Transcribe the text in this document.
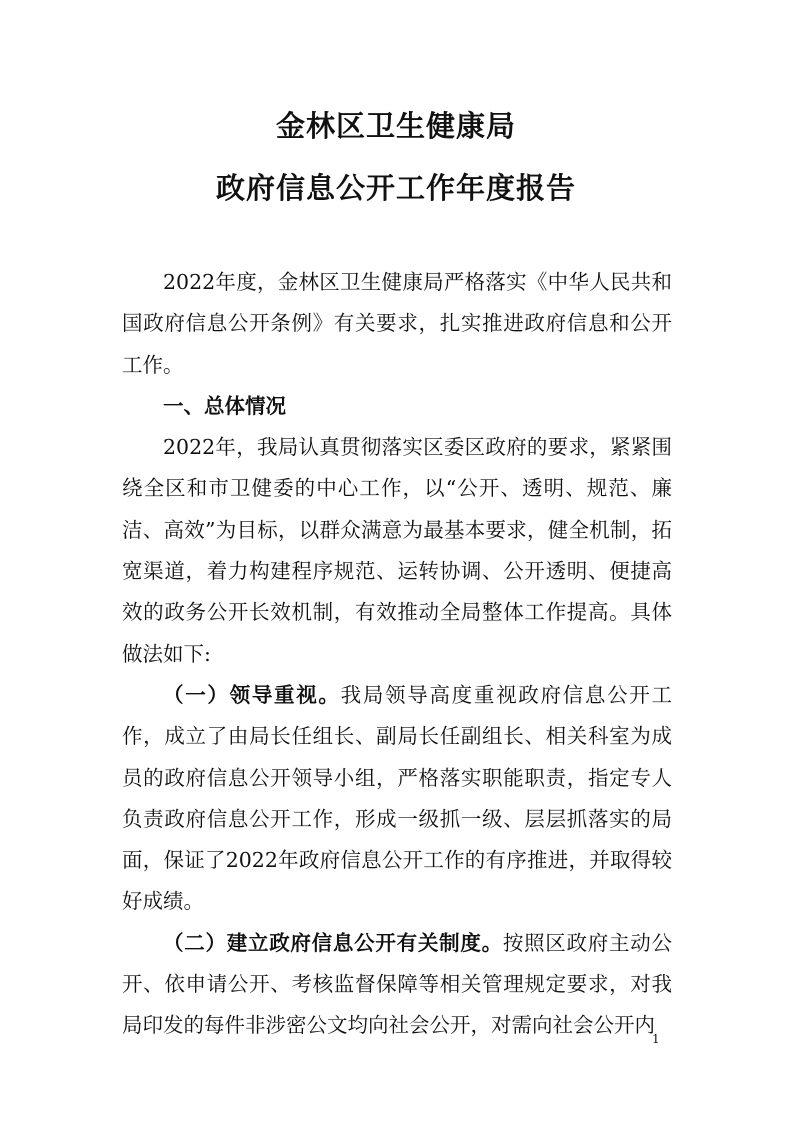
金林区卫生健康局
政府信息公开工作年度报告

2022年度，金林区卫生健康局严格落实《中华人民共和国政府信息公开条例》有关要求，扎实推进政府信息和公开工作。

一、总体情况

2022年，我局认真贯彻落实区委区政府的要求，紧紧围绕全区和市卫健委的中心工作，以“公开、透明、规范、廉洁、高效”为目标，以群众满意为最基本要求，健全机制，拓宽渠道，着力构建程序规范、运转协调、公开透明、便捷高效的政务公开长效机制，有效推动全局整体工作提高。具体做法如下:

（一）领导重视。我局领导高度重视政府信息公开工作，成立了由局长任组长、副局长任副组长、相关科室为成员的政府信息公开领导小组，严格落实职能职责，指定专人负责政府信息公开工作，形成一级抓一级、层层抓落实的局面，保证了2022年政府信息公开工作的有序推进，并取得较好成绩。

（二）建立政府信息公开有关制度。按照区政府主动公开、依申请公开、考核监督保障等相关管理规定要求，对我局印发的每件非涉密公文均向社会公开，对需向社会公开内

1
